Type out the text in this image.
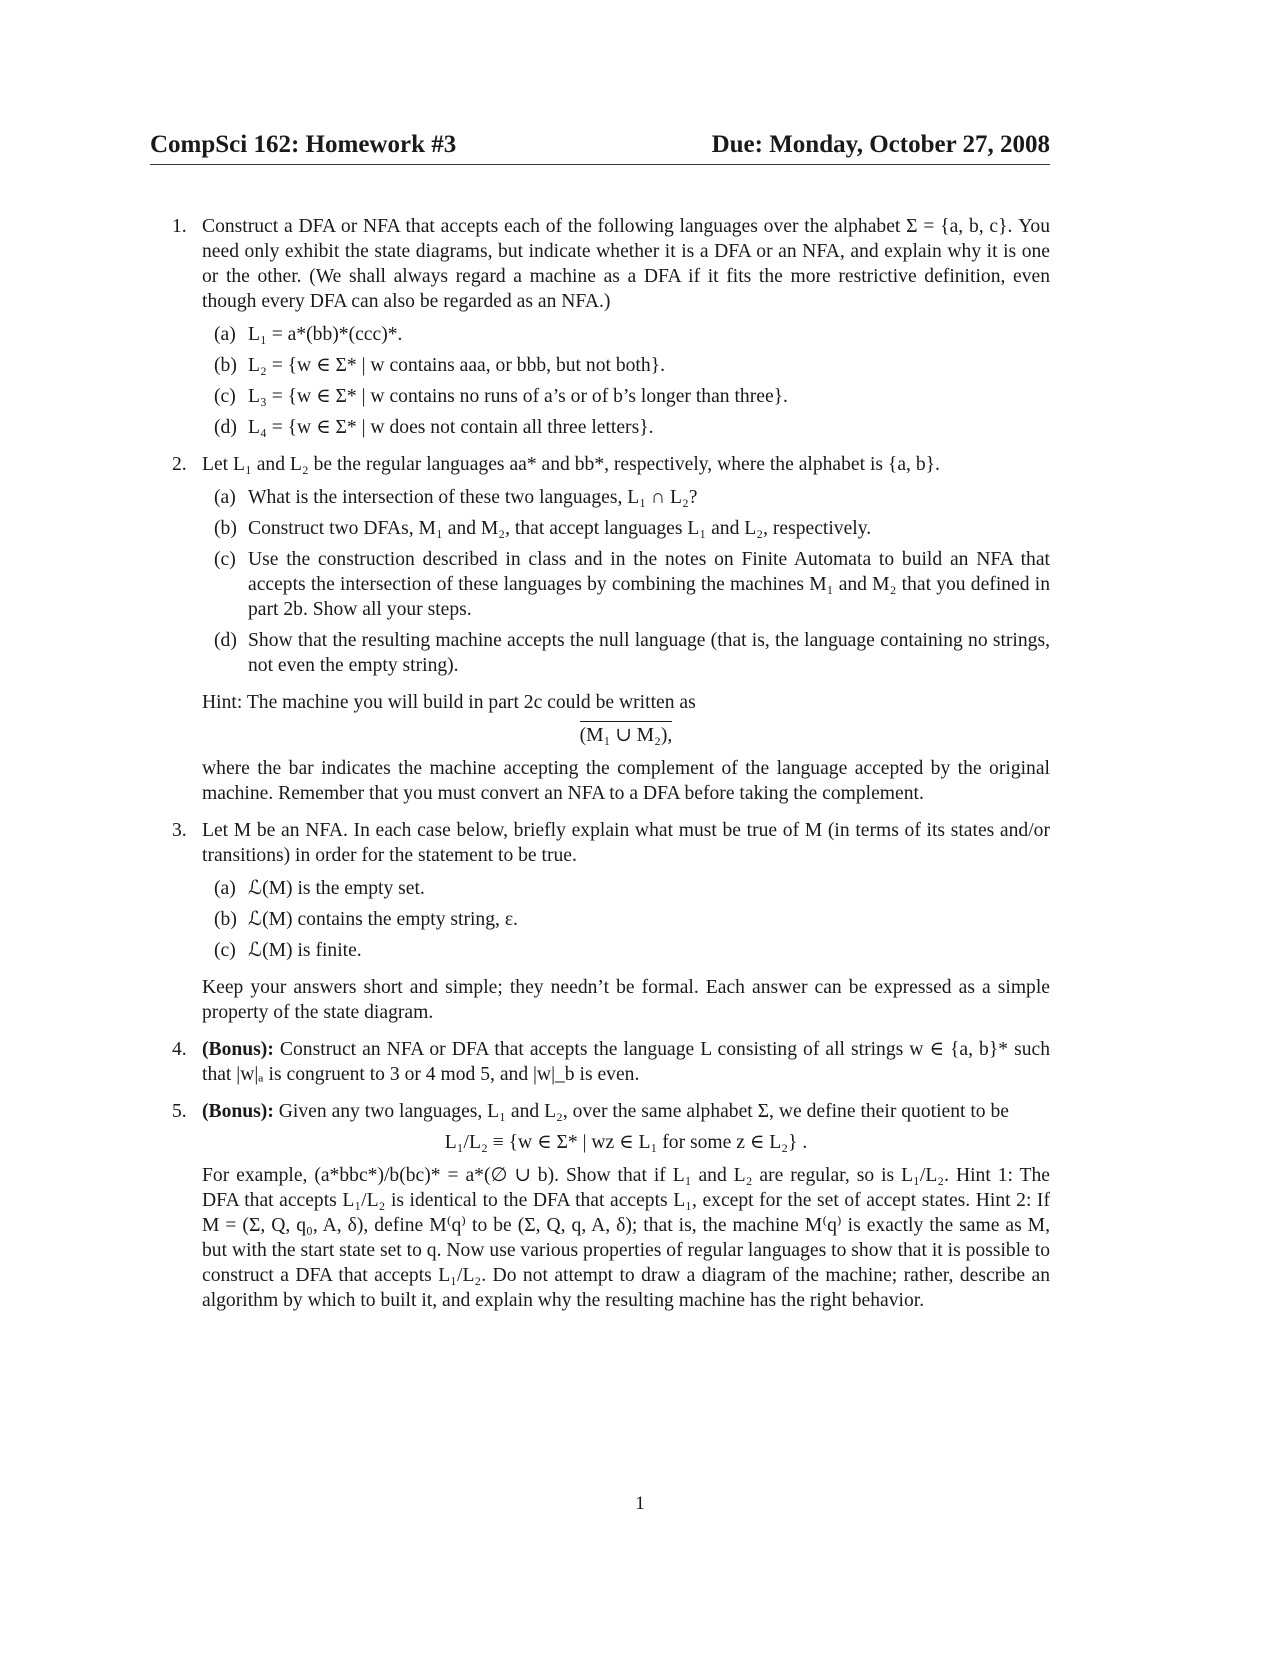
CompSci 162: Homework #3	Due: Monday, October 27, 2008
1. Construct a DFA or NFA that accepts each of the following languages over the alphabet Σ = {a, b, c}. You need only exhibit the state diagrams, but indicate whether it is a DFA or an NFA, and explain why it is one or the other. (We shall always regard a machine as a DFA if it fits the more restrictive definition, even though every DFA can also be regarded as an NFA.)
(a) L₁ = a*(bb)*(ccc)*.
(b) L₂ = {w ∈ Σ* | w contains aaa, or bbb, but not both}.
(c) L₃ = {w ∈ Σ* | w contains no runs of a’s or of b’s longer than three}.
(d) L₄ = {w ∈ Σ* | w does not contain all three letters}.
2. Let L₁ and L₂ be the regular languages aa* and bb*, respectively, where the alphabet is {a, b}.
(a) What is the intersection of these two languages, L₁ ∩ L₂?
(b) Construct two DFAs, M₁ and M₂, that accept languages L₁ and L₂, respectively.
(c) Use the construction described in class and in the notes on Finite Automata to build an NFA that accepts the intersection of these languages by combining the machines M₁ and M₂ that you defined in part 2b. Show all your steps.
(d) Show that the resulting machine accepts the null language (that is, the language containing no strings, not even the empty string).
Hint: The machine you will build in part 2c could be written as
(M₁ ∪ M₂),
where the bar indicates the machine accepting the complement of the language accepted by the original machine. Remember that you must convert an NFA to a DFA before taking the complement.
3. Let M be an NFA. In each case below, briefly explain what must be true of M (in terms of its states and/or transitions) in order for the statement to be true.
(a) ℒ(M) is the empty set.
(b) ℒ(M) contains the empty string, ε.
(c) ℒ(M) is finite.
Keep your answers short and simple; they needn’t be formal. Each answer can be expressed as a simple property of the state diagram.
4. (Bonus): Construct an NFA or DFA that accepts the language L consisting of all strings w ∈ {a, b}* such that |w|ₐ is congruent to 3 or 4 mod 5, and |w|_b is even.
5. (Bonus): Given any two languages, L₁ and L₂, over the same alphabet Σ, we define their quotient to be
L₁/L₂ ≡ {w ∈ Σ* | wz ∈ L₁ for some z ∈ L₂} .
For example, (a*bbc*)/b(bc)* = a*(∅ ∪ b). Show that if L₁ and L₂ are regular, so is L₁/L₂. Hint 1: The DFA that accepts L₁/L₂ is identical to the DFA that accepts L₁, except for the set of accept states. Hint 2: If M = (Σ, Q, q₀, A, δ), define M⁽q⁾ to be (Σ, Q, q, A, δ); that is, the machine M⁽q⁾ is exactly the same as M, but with the start state set to q. Now use various properties of regular languages to show that it is possible to construct a DFA that accepts L₁/L₂. Do not attempt to draw a diagram of the machine; rather, describe an algorithm by which to built it, and explain why the resulting machine has the right behavior.
1
